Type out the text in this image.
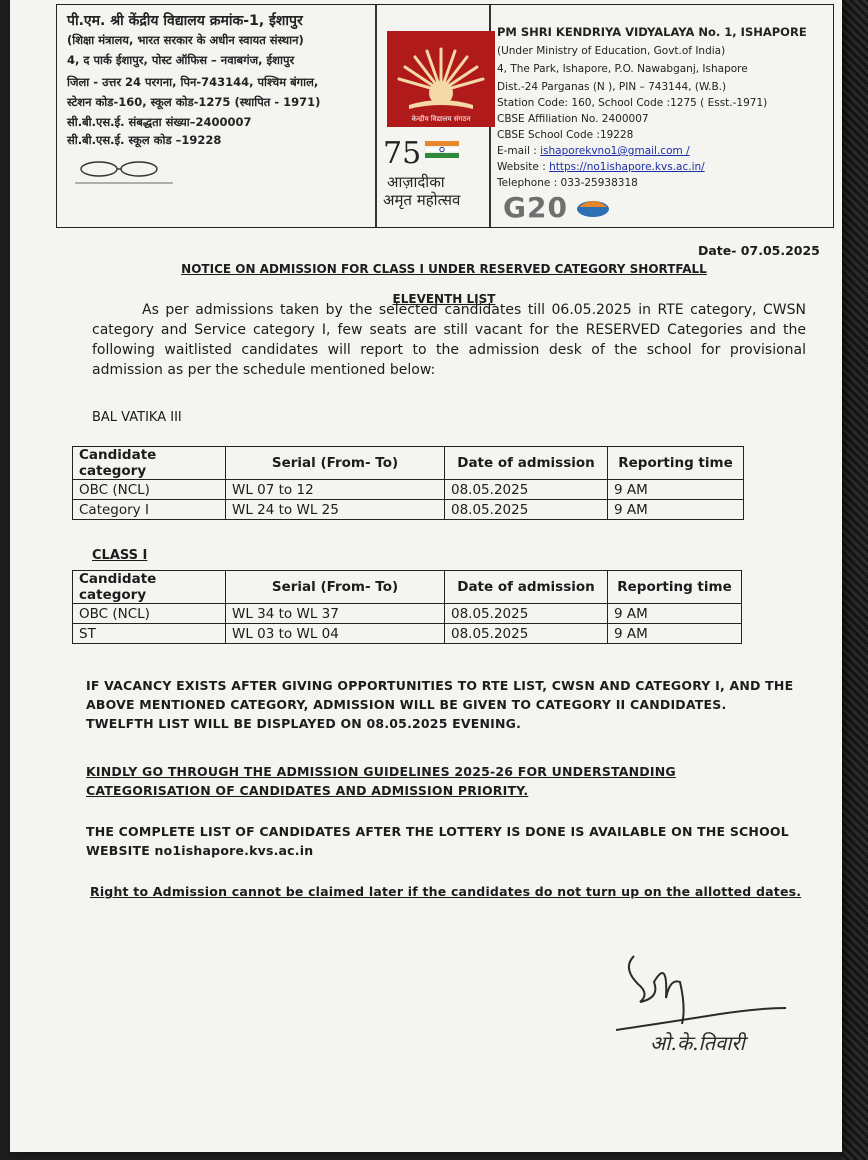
पी.एम. श्री केंद्रीय विद्यालय क्रमांक-1, ईशापुर
(शिक्षा मंत्रालय, भारत सरकार के अधीन स्वायत संस्थान)
4, द पार्क ईशापुर, पोस्ट ऑफिस – नवाबगंज, ईशापुर
जिला - उत्तर 24 परगना, पिन-743144, पश्चिम बंगाल,
स्टेशन कोड-160, स्कूल कोड-1275 (स्थापित - 1971)
सी.बी.एस.ई. संबद्धता संख्या–2400007
सी.बी.एस.ई. स्कूल कोड –19228
केन्द्रीय विद्यालय संगठन
75
आज़ादीका
अमृत महोत्सव
PM SHRI KENDRIYA VIDYALAYA No. 1, ISHAPORE
(Under Ministry of Education, Govt.of India)
4, The Park, Ishapore, P.O. Nawabganj, Ishapore
Dist.-24 Parganas (N ), PIN – 743144, (W.B.)
Station Code: 160, School Code :1275 ( Esst.-1971)
CBSE Affiliation No. 2400007
CBSE School Code :19228
E-mail : ishaporekvno1@gmail.com /
Website : https://no1ishapore.kvs.ac.in/
Telephone : 033-25938318
G20
Date- 07.05.2025
NOTICE ON ADMISSION FOR CLASS I UNDER RESERVED CATEGORY SHORTFALL
ELEVENTH LIST
As per admissions taken by the selected candidates till 06.05.2025 in RTE category, CWSN category and Service category I, few seats are still vacant for the RESERVED Categories and the following waitlisted candidates will report to the admission desk of the school for provisional admission as per the schedule mentioned below:
BAL VATIKA III
Candidate category	Serial (From- To)	Date of admission	Reporting time
OBC (NCL)	WL 07 to 12	08.05.2025	9 AM
Category I	WL 24 to WL 25	08.05.2025	9 AM
CLASS I
Candidate category	Serial (From- To)	Date of admission	Reporting time
OBC (NCL)	WL 34 to WL 37	08.05.2025	9 AM
ST	WL 03 to WL 04	08.05.2025	9 AM
IF VACANCY EXISTS AFTER GIVING OPPORTUNITIES TO RTE LIST, CWSN AND CATEGORY I, AND THE ABOVE MENTIONED CATEGORY, ADMISSION WILL BE GIVEN TO CATEGORY II CANDIDATES. TWELFTH LIST WILL BE DISPLAYED ON 08.05.2025 EVENING.
KINDLY GO THROUGH THE ADMISSION GUIDELINES 2025-26 FOR UNDERSTANDING CATEGORISATION OF CANDIDATES AND ADMISSION PRIORITY.
THE COMPLETE LIST OF CANDIDATES AFTER THE LOTTERY IS DONE IS AVAILABLE ON THE SCHOOL WEBSITE no1ishapore.kvs.ac.in
Right to Admission cannot be claimed later if the candidates do not turn up on the allotted dates.
ओ.के.तिवारी
